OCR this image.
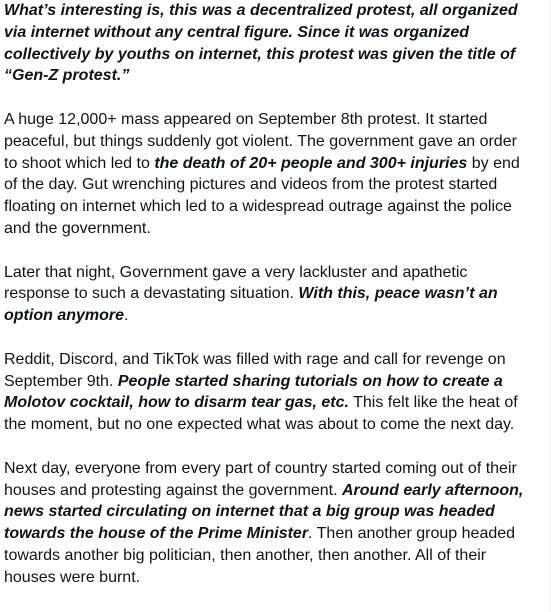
What’s interesting is, this was a decentralized protest, all organized via internet without any central figure. Since it was organized collectively by youths on internet, this protest was given the title of “Gen-Z protest.”

A huge 12,000+ mass appeared on September 8th protest. It started peaceful, but things suddenly got violent. The government gave an order to shoot which led to the death of 20+ people and 300+ injuries by end of the day. Gut wrenching pictures and videos from the protest started floating on internet which led to a widespread outrage against the police and the government.

Later that night, Government gave a very lackluster and apathetic response to such a devastating situation. With this, peace wasn’t an option anymore.

Reddit, Discord, and TikTok was filled with rage and call for revenge on September 9th. People started sharing tutorials on how to create a Molotov cocktail, how to disarm tear gas, etc. This felt like the heat of the moment, but no one expected what was about to come the next day.

Next day, everyone from every part of country started coming out of their houses and protesting against the government. Around early afternoon, news started circulating on internet that a big group was headed towards the house of the Prime Minister. Then another group headed towards another big politician, then another, then another. All of their houses were burnt.
